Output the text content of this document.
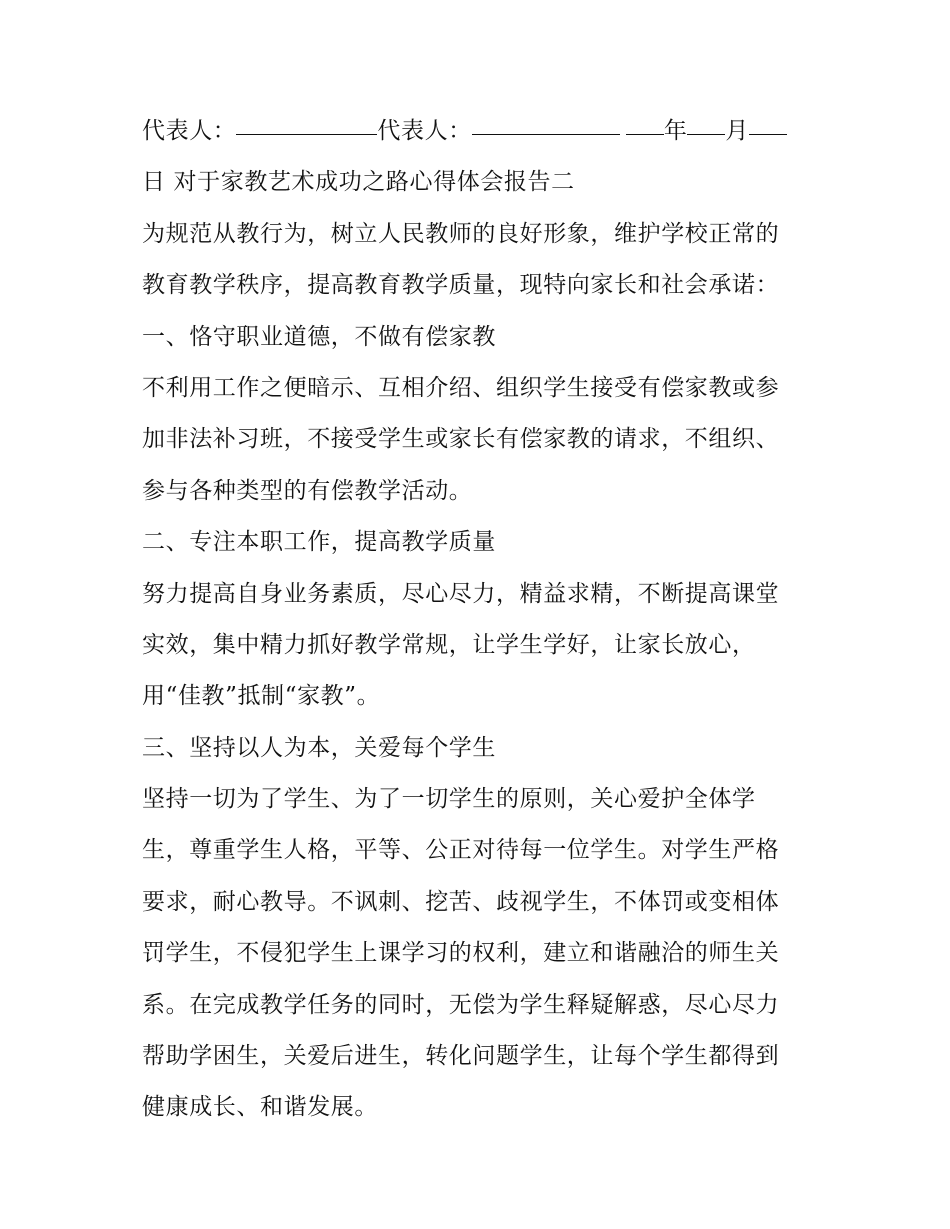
代表人：	代表人：	年 月
日 对于家教艺术成功之路心得体会报告二
为规范从教行为，树立人民教师的良好形象，维护学校正常的
教育教学秩序，提高教育教学质量，现特向家长和社会承诺：
一、恪守职业道德，不做有偿家教
不利用工作之便暗示、互相介绍、组织学生接受有偿家教或参
加非法补习班，不接受学生或家长有偿家教的请求，不组织、
参与各种类型的有偿教学活动。
二、专注本职工作，提高教学质量
努力提高自身业务素质，尽心尽力，精益求精，不断提高课堂
实效，集中精力抓好教学常规，让学生学好，让家长放心，
用“佳教”抵制“家教”。
三、坚持以人为本，关爱每个学生
坚持一切为了学生、为了一切学生的原则，关心爱护全体学
生，尊重学生人格，平等、公正对待每一位学生。对学生严格
要求，耐心教导。不讽刺、挖苦、歧视学生，不体罚或变相体
罚学生，不侵犯学生上课学习的权利，建立和谐融洽的师生关
系。在完成教学任务的同时，无偿为学生释疑解惑，尽心尽力
帮助学困生，关爱后进生，转化问题学生，让每个学生都得到
健康成长、和谐发展。
